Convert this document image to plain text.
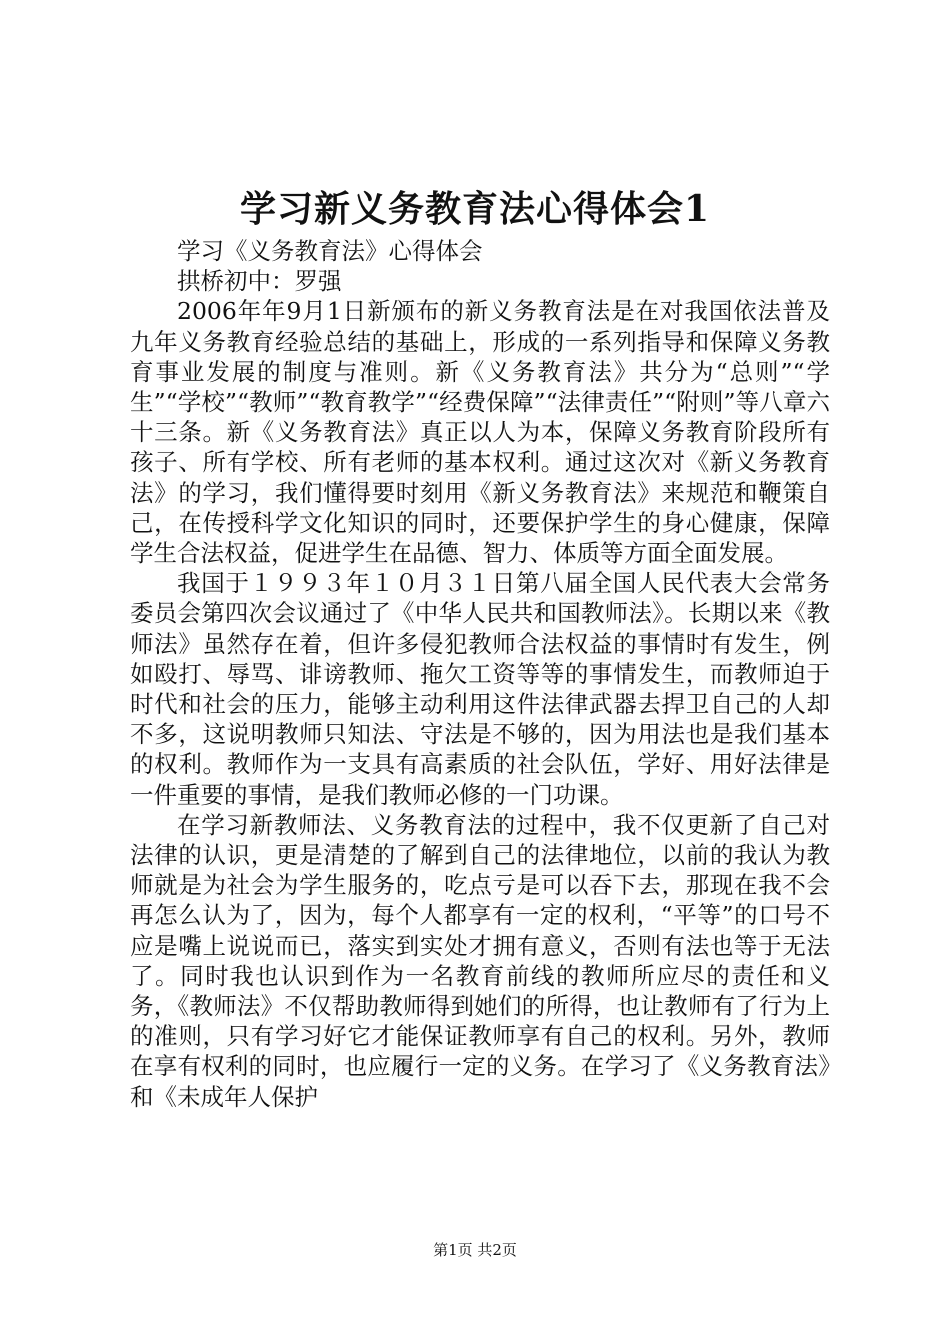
学习新义务教育法心得体会1

学习《义务教育法》心得体会

拱桥初中：罗强

2006年年9月1日新颁布的新义务教育法是在对我国依法普及九年义务教育经验总结的基础上，形成的一系列指导和保障义务教育事业发展的制度与准则。新《义务教育法》共分为“总则”“学生”“学校”“教师”“教育教学”“经费保障”“法律责任”“附则”等八章六十三条。新《义务教育法》真正以人为本，保障义务教育阶段所有孩子、所有学校、所有老师的基本权利。通过这次对《新义务教育法》的学习，我们懂得要时刻用《新义务教育法》来规范和鞭策自己，在传授科学文化知识的同时，还要保护学生的身心健康，保障学生合法权益，促进学生在品德、智力、体质等方面全面发展。

我国于１９９３年１０月３１日第八届全国人民代表大会常务委员会第四次会议通过了《中华人民共和国教师法》。长期以来《教师法》虽然存在着，但许多侵犯教师合法权益的事情时有发生，例如殴打、辱骂、诽谤教师、拖欠工资等等的事情发生，而教师迫于时代和社会的压力，能够主动利用这件法律武器去捍卫自己的人却不多，这说明教师只知法、守法是不够的，因为用法也是我们基本的权利。教师作为一支具有高素质的社会队伍，学好、用好法律是一件重要的事情，是我们教师必修的一门功课。

在学习新教师法、义务教育法的过程中，我不仅更新了自己对法律的认识，更是清楚的了解到自己的法律地位，以前的我认为教师就是为社会为学生服务的，吃点亏是可以吞下去，那现在我不会再怎么认为了，因为，每个人都享有一定的权利，“平等”的口号不应是嘴上说说而已，落实到实处才拥有意义，否则有法也等于无法了。同时我也认识到作为一名教育前线的教师所应尽的责任和义务，《教师法》不仅帮助教师得到她们的所得，也让教师有了行为上的准则，只有学习好它才能保证教师享有自己的权利。另外，教师在享有权利的同时，也应履行一定的义务。在学习了《义务教育法》和《未成年人保护

第1页 共2页
